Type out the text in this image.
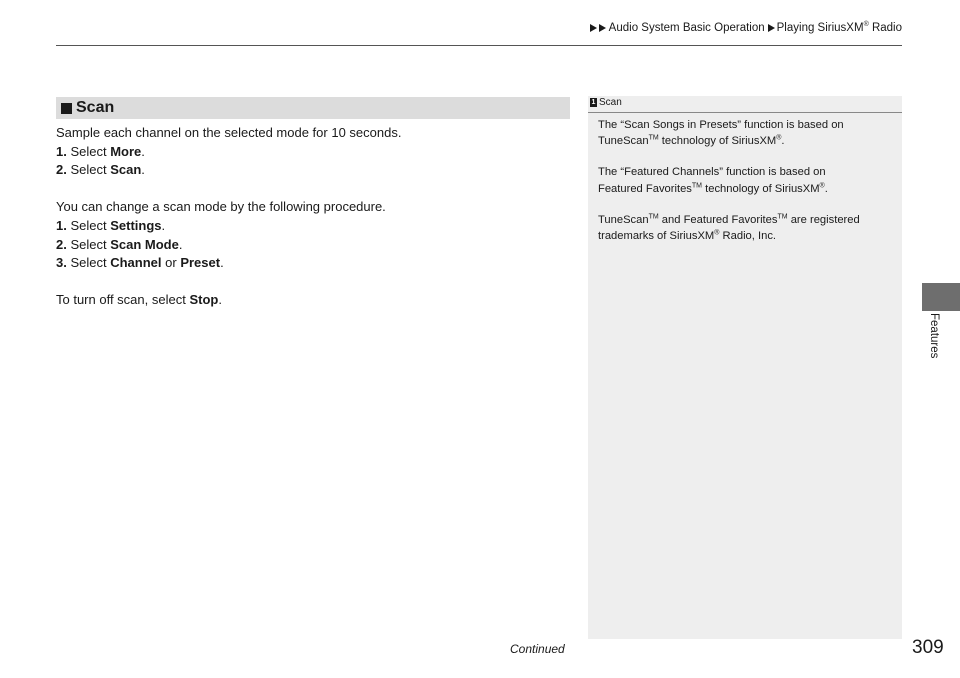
Audio System Basic Operation Playing SiriusXM® Radio
Scan

Sample each channel on the selected mode for 10 seconds.

1. Select More.

2. Select Scan.

You can change a scan mode by the following procedure.

1. Select Settings.

2. Select Scan Mode.

3. Select Channel or Preset.

To turn off scan, select Stop.

1 Scan

The “Scan Songs in Presets” function is based on

TuneScan™ technology of SiriusXM®.

The “Featured Channels” function is based on

Featured Favorites™ technology of SiriusXM®.

TuneScan™ and Featured Favorites™ are registered

trademarks of SiriusXM® Radio, Inc.

Features
Continued	309
